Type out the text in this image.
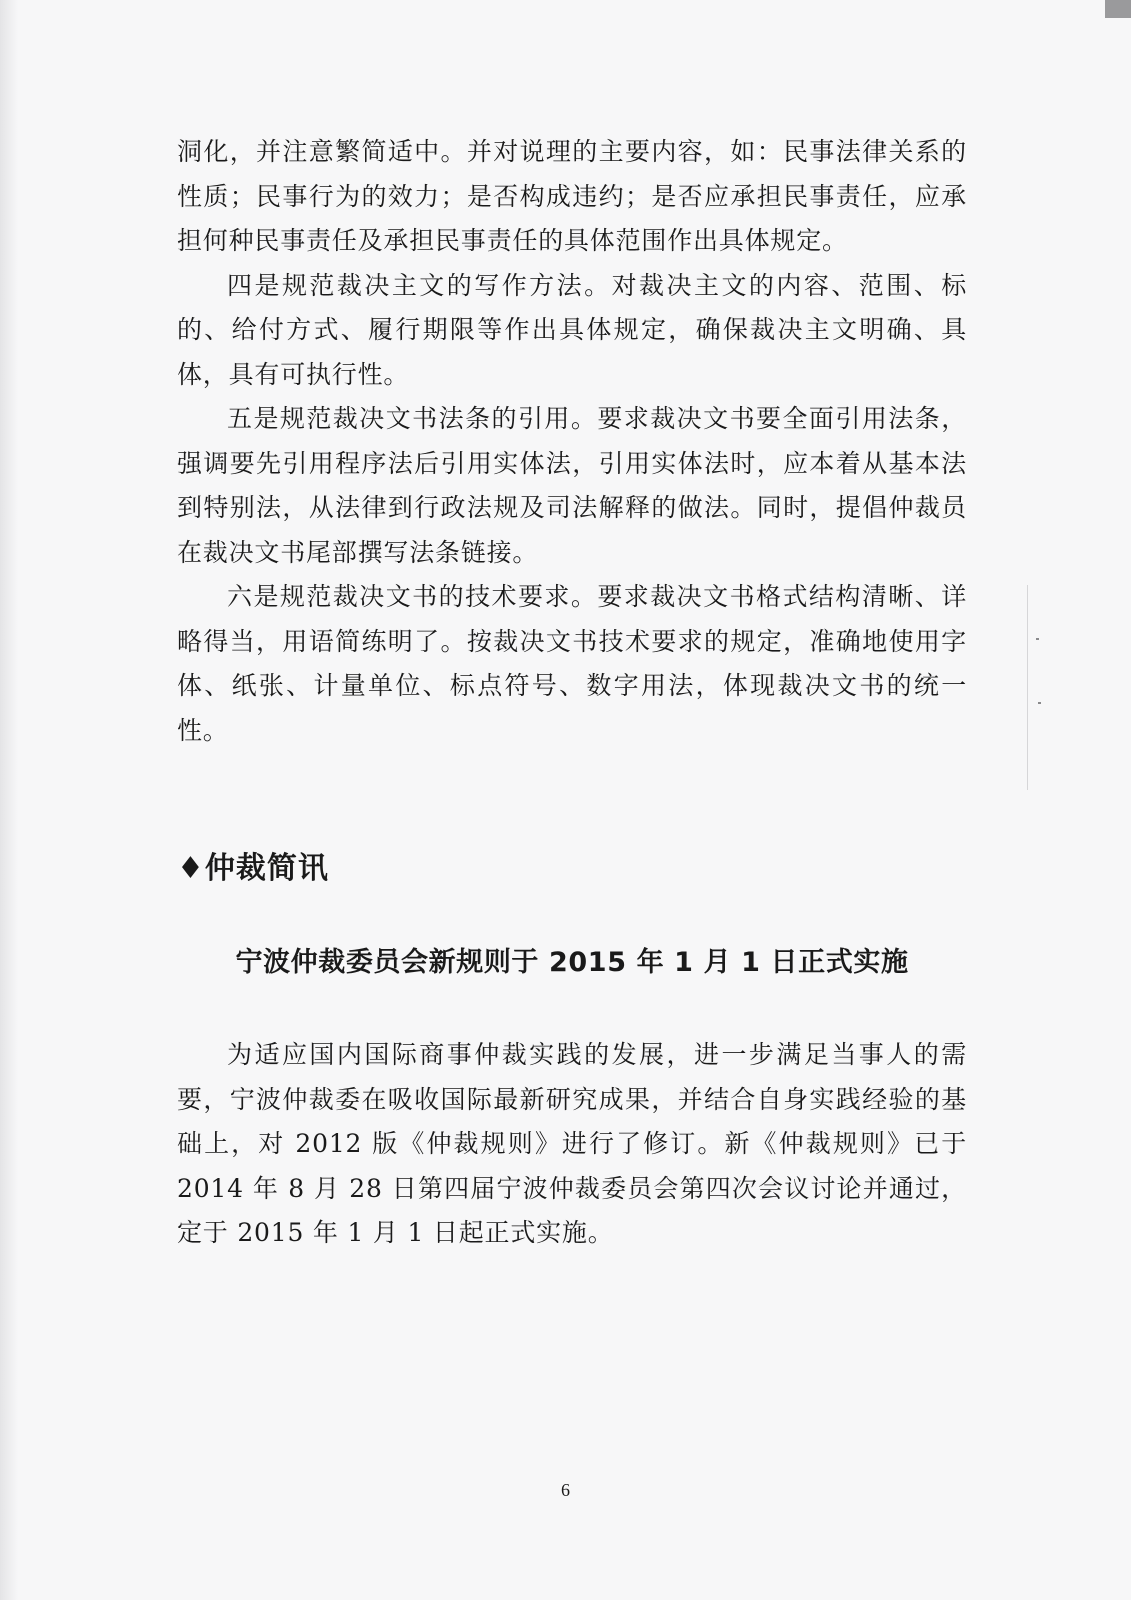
洞化，并注意繁简适中。并对说理的主要内容，如：民事法律关系的性质；民事行为的效力；是否构成违约；是否应承担民事责任，应承担何种民事责任及承担民事责任的具体范围作出具体规定。

四是规范裁决主文的写作方法。对裁决主文的内容、范围、标的、给付方式、履行期限等作出具体规定，确保裁决主文明确、具体，具有可执行性。

五是规范裁决文书法条的引用。要求裁决文书要全面引用法条，强调要先引用程序法后引用实体法，引用实体法时，应本着从基本法到特别法，从法律到行政法规及司法解释的做法。同时，提倡仲裁员在裁决文书尾部撰写法条链接。

六是规范裁决文书的技术要求。要求裁决文书格式结构清晰、详略得当，用语简练明了。按裁决文书技术要求的规定，准确地使用字体、纸张、计量单位、标点符号、数字用法，体现裁决文书的统一性。

♦仲裁简讯
宁波仲裁委员会新规则于 2015 年 1 月 1 日正式实施

为适应国内国际商事仲裁实践的发展，进一步满足当事人的需要，宁波仲裁委在吸收国际最新研究成果，并结合自身实践经验的基础上，对 2012 版《仲裁规则》进行了修订。新《仲裁规则》已于 2014 年 8 月 28 日第四届宁波仲裁委员会第四次会议讨论并通过，定于 2015 年 1 月 1 日起正式实施。

6
